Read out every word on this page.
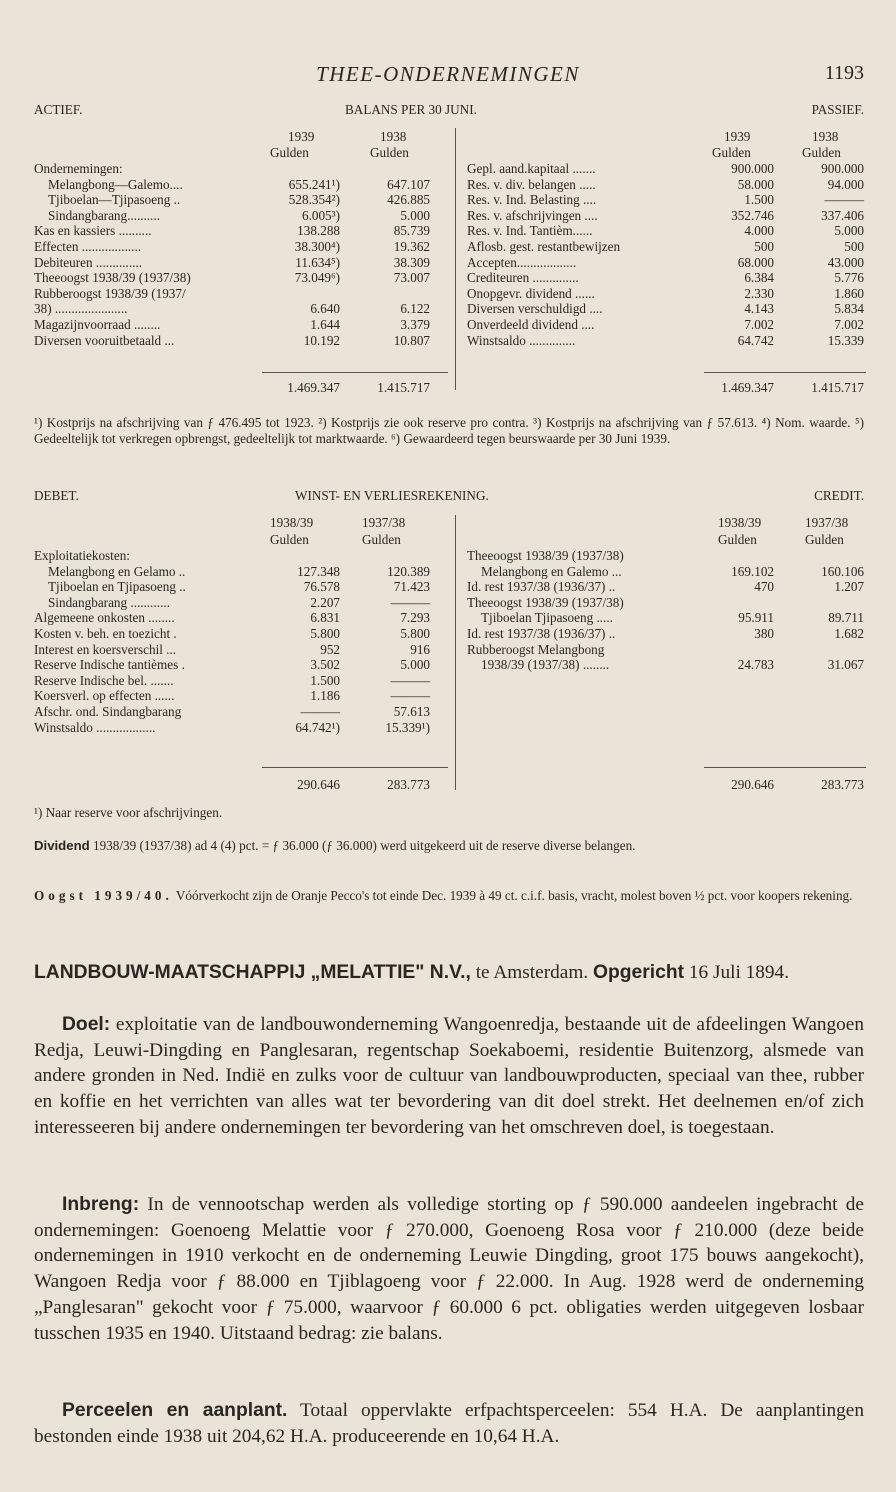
THEE-ONDERNEMINGEN	1193
ACTIEF.	BALANS PER 30 JUNI.	PASSIEF.
1939	1938
Gulden	Gulden
1939	1938
Gulden	Gulden
Ondernemingen:
Melangbong—Galemo....	655.241¹)	647.107
Tjiboelan—Tjipasoeng ..	528.354²)	426.885
Sindangbarang..........	6.005³)	5.000
Kas en kassiers ..........	138.288	85.739
Effecten ..................	38.300⁴)	19.362
Debiteuren ..............	11.634⁵)	38.309
Theeoogst 1938/39 (1937/38)	73.049⁶)	73.007
Rubberoogst 1938/39 (1937/
38) ......................	6.640	6.122
Magazijnvoorraad ........	1.644	3.379
Diversen vooruitbetaald ...	10.192	10.807
Gepl. aand.kapitaal .......	900.000	900.000
Res. v. div. belangen .....	58.000	94.000
Res. v. Ind. Belasting ....	1.500	———
Res. v. afschrijvingen ....	352.746	337.406
Res. v. Ind. Tantièm......	4.000	5.000
Aflosb. gest. restantbewijzen	500	500
Accepten..................	68.000	43.000
Crediteuren ..............	6.384	5.776
Onopgevr. dividend ......	2.330	1.860
Diversen verschuldigd ....	4.143	5.834
Onverdeeld dividend ....	7.002	7.002
Winstsaldo ..............	64.742	15.339
1.469.347	1.415.717	1.469.347	1.415.717
¹) Kostprijs na afschrijving van ƒ 476.495 tot 1923. ²) Kostprijs zie ook reserve pro contra. ³) Kostprijs na afschrijving van ƒ 57.613. ⁴) Nom. waarde. ⁵) Gedeeltelijk tot verkregen opbrengst, gedeeltelijk tot marktwaarde. ⁶) Gewaardeerd tegen beurswaarde per 30 Juni 1939.
DEBET.	WINST- EN VERLIESREKENING.	CREDIT.
1938/39	1937/38
Gulden	Gulden
1938/39	1937/38
Gulden	Gulden
Exploitatiekosten:
Melangbong en Gelamo ..	127.348	120.389
Tjiboelan en Tjipasoeng ..	76.578	71.423
Sindangbarang ............	2.207	———
Algemeene onkosten ........	6.831	7.293
Kosten v. beh. en toezicht .	5.800	5.800
Interest en koersverschil ...	952	916
Reserve Indische tantièmes .	3.502	5.000
Reserve Indische bel. .......	1.500	———
Koersverl. op effecten ......	1.186	———
Afschr. ond. Sindangbarang	———	57.613
Winstsaldo ..................	64.742¹)	15.339¹)
Theeoogst 1938/39 (1937/38)
Melangbong en Galemo ...	169.102	160.106
Id. rest 1937/38 (1936/37) ..	470	1.207
Theeoogst 1938/39 (1937/38)
Tjiboelan Tjipasoeng .....	95.911	89.711
Id. rest 1937/38 (1936/37) ..	380	1.682
Rubberoogst Melangbong
1938/39 (1937/38) ........	24.783	31.067
290.646	283.773	290.646	283.773
¹) Naar reserve voor afschrijvingen.
Dividend 1938/39 (1937/38) ad 4 (4) pct. = ƒ 36.000 (ƒ 36.000) werd uitgekeerd uit de reserve diverse belangen.
Oogst 1939/40. Vóórverkocht zijn de Oranje Pecco's tot einde Dec. 1939 à 49 ct. c.i.f. basis, vracht, molest boven ½ pct. voor koopers rekening.
LANDBOUW-MAATSCHAPPIJ „MELATTIE" N.V., te Amsterdam. Opgericht 16 Juli 1894.
Doel: exploitatie van de landbouwonderneming Wangoenredja, bestaande uit de afdeelingen Wangoen Redja, Leuwi-Dingding en Panglesaran, regentschap Soekaboemi, residentie Buitenzorg, alsmede van andere gronden in Ned. Indië en zulks voor de cultuur van landbouwproducten, speciaal van thee, rubber en koffie en het verrichten van alles wat ter bevordering van dit doel strekt. Het deelnemen en/of zich interesseeren bij andere ondernemingen ter bevordering van het omschreven doel, is toegestaan.
Inbreng: In de vennootschap werden als volledige storting op ƒ 590.000 aandeelen ingebracht de ondernemingen: Goenoeng Melattie voor ƒ 270.000, Goenoeng Rosa voor ƒ 210.000 (deze beide ondernemingen in 1910 verkocht en de onderneming Leuwie Dingding, groot 175 bouws aangekocht), Wangoen Redja voor ƒ 88.000 en Tjiblagoeng voor ƒ 22.000. In Aug. 1928 werd de onderneming „Panglesaran" gekocht voor ƒ 75.000, waarvoor ƒ 60.000 6 pct. obligaties werden uitgegeven losbaar tusschen 1935 en 1940. Uitstaand bedrag: zie balans.
Perceelen en aanplant. Totaal oppervlakte erfpachtsperceelen: 554 H.A. De aanplantingen bestonden einde 1938 uit 204,62 H.A. produceerende en 10,64 H.A.
